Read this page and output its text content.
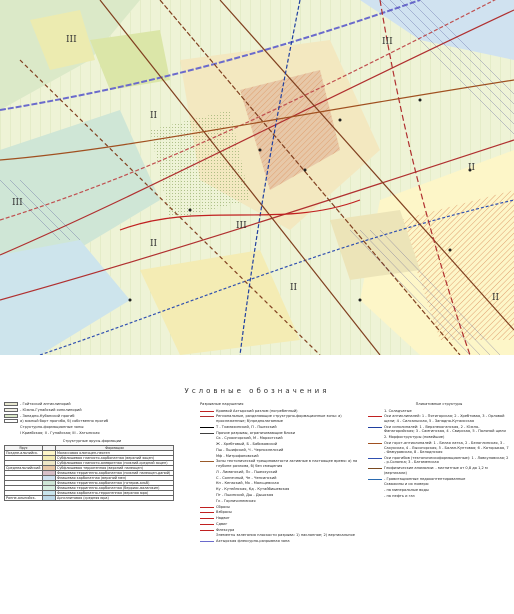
III
II
III
II
III
II
III
II
II
Условные обозначения
- Гойтхский антиклинорий
- Южно-Гунайский синклинорий
- Западно-Кубанский прогиб
а) южный борт прогиба, б) собственно прогиб
Структурно-формационные зоны:
I Кривбская; II - Гунайская; III - Хатыпская
Структурные ярусы-формации
Ярус		Формации
Поздне-альпийск.		Молассовая олигоцен-неоген
		Субфлишевая глинисто-карбонатная (верхний эоцен)
		Субфлишевая глинисто-алевритная (нижний-средний эоцен)
Среднеальпийский		Субфлишевая терригенная (верхний палеоцен)
		Флишевая терригенно-карбонатная (нижний палеоцен-даний)
		Флишевая карбонатная (верхний мел)
		Флишевая терригенно-карбонатная (готерив-альб)
		Флишевая терригенно-карбонатная (берриас-валанжин)
		Флишевая карбонатно-терригенная (верхняя юра)
Ранне-альпийск.		Аргиллитовая (средняя юра)
Разрывные нарушения
Краевой Ахтырский разлом (погребенный)
Региональные, разделяющие структурно-формационные зоны: а) прослеженные; б)предполагаемые
Т - Тхамахинский, П - Пшехский
Прочие разрывы, ограничивающие блоки
Ск - Сухоигорский, М - Мархотский
Ж - Хребтовый, Б - Бабиковский
Пш - Пшифский, Ч - Чернохлелский
Мф - Митрофановский
Зоны тектонической трещиноватости активные в настоящее время: а) на глубине разлома, б) без смещения
Л - Лиманский, Пс - Пшеххуский
С - Солнечный, Чн - Чепсинский
Кп - Кепаский, Мк - Мальцевская
Ку - Кутейнская, Кд - Кутайбишевская
Пт - Пшинский, Дш - Дышская
Гк - Горничинемская
Сбросы
Взбросы
Надвиг
Сдвиг
Флексура
Элементы залегания плоскости разрыва: 1) наклонное; 2) вертикальное
Ахтырская флексурно-разрывная зона
Пликативные структуры
1. Складчатые
Оси антиклиналей: 1 - Пятигорская; 2 - Хребтовая, 3 - Орловой щели; 4 - Силсальская, 5 - Западно-Кутаисская
Оси синклиналей: 1 - Верхнекоганская, 2 - Южно-Фанагорийская; 3 - Самгинская, 4 - Свирская, 5 - Поляной щели
2. Морфоструктуры (новейшие)
Оси горст-антиклиналей: 1 - Белая латка, 2 - Белоглинская, 3 - Сахукская, 4 - Лысогорская, 5 - Балан-Кунтовая; 6 - Которыкая, 7 - Фамуровская, 8 - Белоднская
Оси прогибов (тектоническоформационные): 1 - Ловкуловская; 2 - р.Солонка; 3 - Батаменская
Геофизические аномалии: - магнитные от 0,8 до 1,2 м (вертикали)
- Гравитационные недоконтентированные
Скважины и их номера:
- на минеральные воды
- на нефть и газ
